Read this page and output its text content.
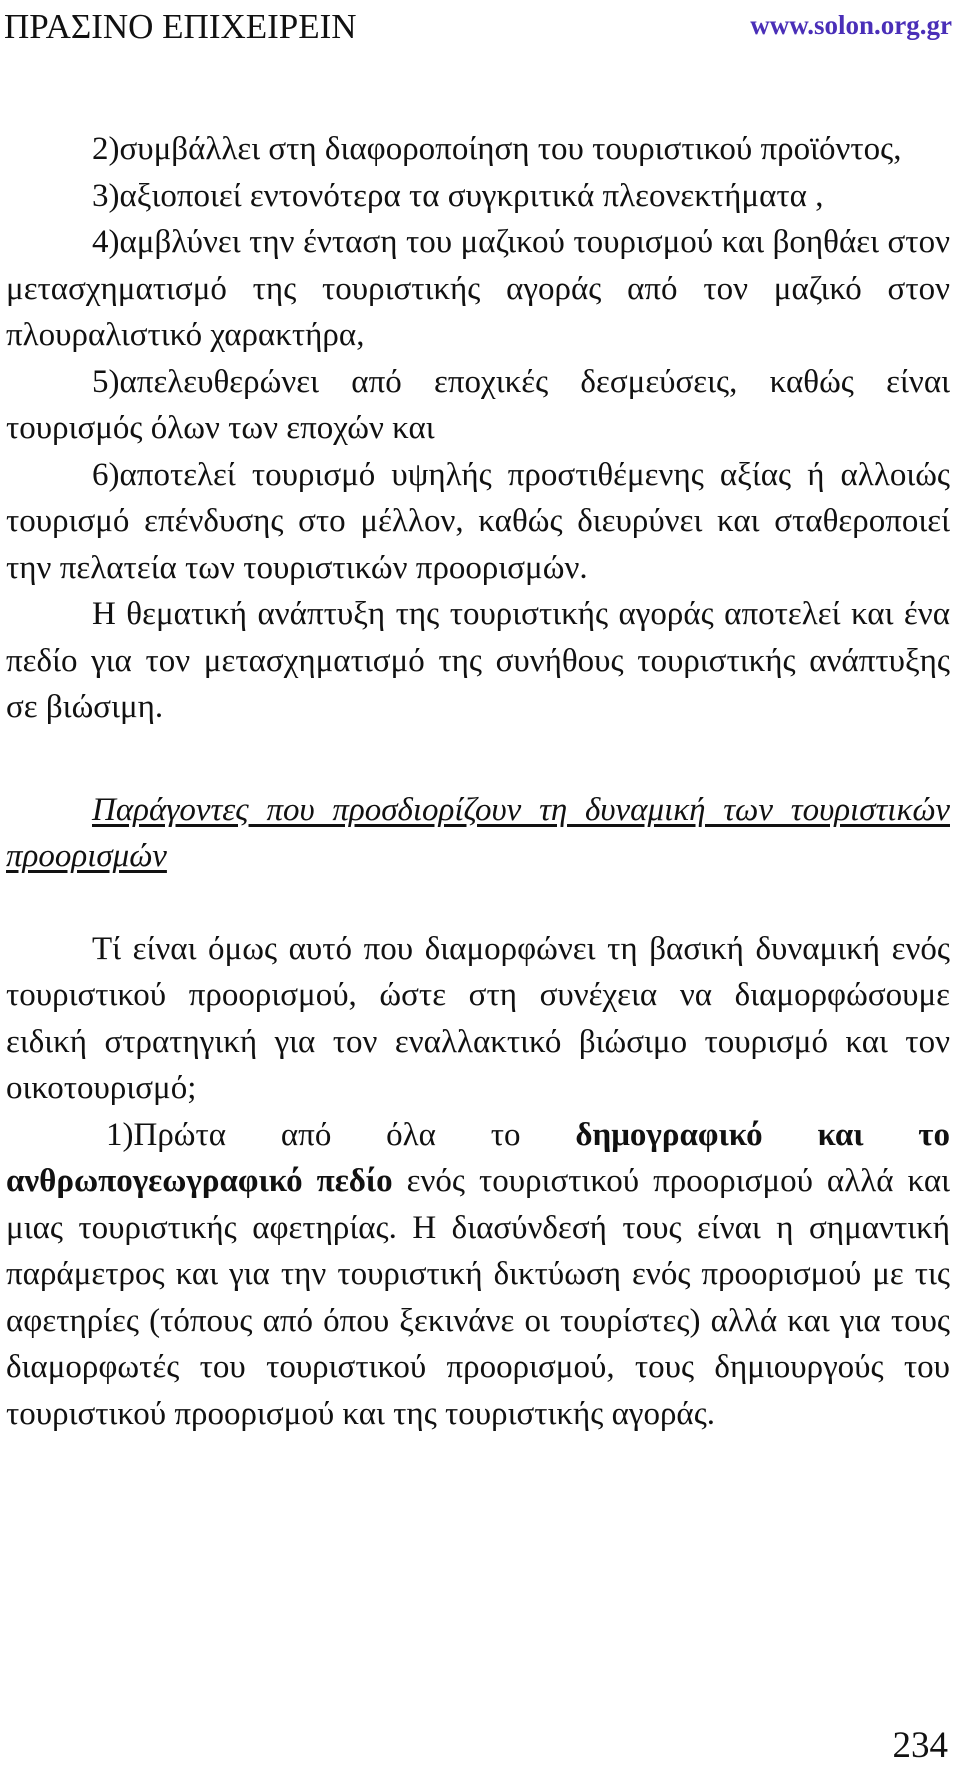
ΠΡΑΣΙΝΟ ΕΠΙΧΕΙΡΕΙΝ	www.solon.org.gr

2)συμβάλλει στη διαφοροποίηση του τουριστικού προϊόντος,

3)αξιοποιεί εντονότερα τα συγκριτικά πλεονεκτήματα ,

4)αμβλύνει την ένταση του μαζικού τουρισμού και βοηθάει στον μετασχηματισμό της τουριστικής αγοράς από τον μαζικό στον πλουραλιστικό χαρακτήρα,

5)απελευθερώνει από εποχικές δεσμεύσεις, καθώς είναι τουρισμός όλων των εποχών και

6)αποτελεί τουρισμό υψηλής προστιθέμενης αξίας ή αλλοιώς τουρισμό επένδυσης στο μέλλον, καθώς διευρύνει και σταθεροποιεί την πελατεία των τουριστικών προορισμών.

Η θεματική ανάπτυξη της τουριστικής αγοράς αποτελεί και ένα πεδίο για τον μετασχηματισμό της συνήθους τουριστικής ανάπτυξης σε βιώσιμη.

Παράγοντες που προσδιορίζουν τη δυναμική των τουριστικών προορισμών

Τί είναι όμως αυτό που διαμορφώνει τη βασική δυναμική ενός τουριστικού προορισμού, ώστε στη συνέχεια να διαμορφώσουμε ειδική στρατηγική για τον εναλλακτικό βιώσιμο τουρισμό και τον οικοτουρισμό;

1)Πρώτα από όλα το δημογραφικό και το ανθρωπογεωγραφικό πεδίο ενός τουριστικού προορισμού αλλά και μιας τουριστικής αφετηρίας. Η διασύνδεσή τους είναι η σημαντική παράμετρος και για την τουριστική δικτύωση ενός προορισμού με τις αφετηρίες (τόπους από όπου ξεκινάνε οι τουρίστες) αλλά και για τους διαμορφωτές του τουριστικού προορισμού, τους δημιουργούς του τουριστικού προορισμού και της τουριστικής αγοράς.

234
